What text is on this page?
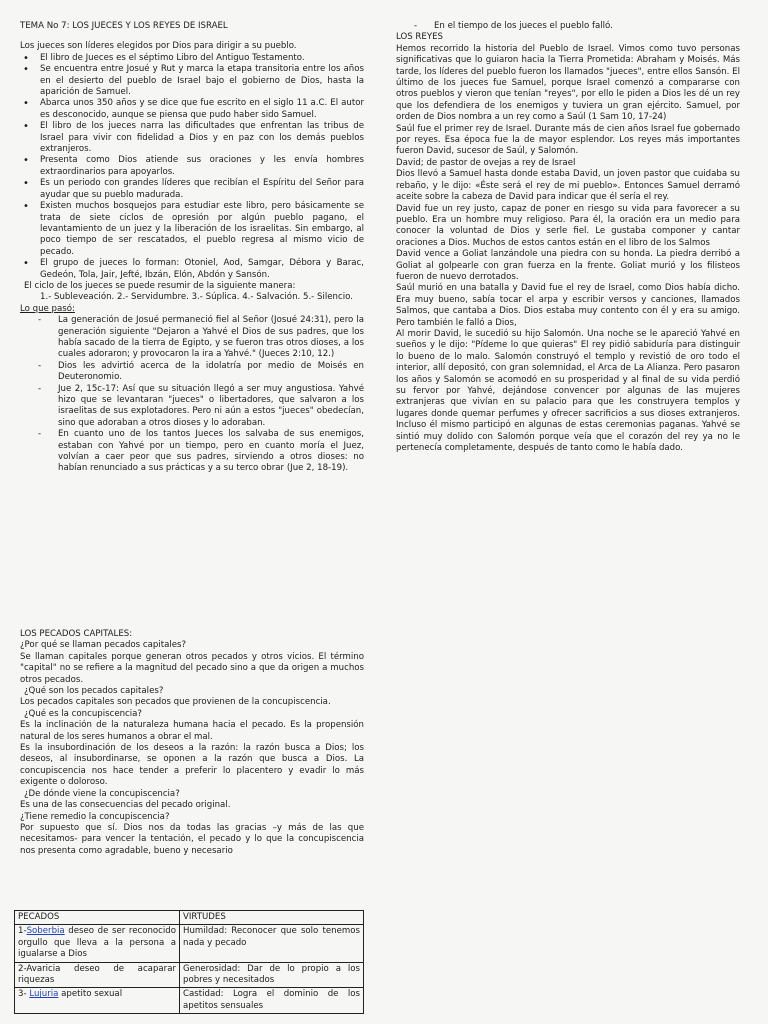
TEMA No 7: LOS JUECES Y LOS REYES DE ISRAEL

Los jueces son líderes elegidos por Dios para dirigir a su pueblo.

• El libro de Jueces es el séptimo Libro del Antiguo Testamento.
• Se encuentra entre Josué y Rut y marca la etapa transitoria entre los años en el desierto del pueblo de Israel bajo el gobierno de Dios, hasta la aparición de Samuel.
• Abarca unos 350 años y se dice que fue escrito en el siglo 11 a.C. El autor es desconocido, aunque se piensa que pudo haber sido Samuel.
• El libro de los jueces narra las dificultades que enfrentan las tribus de Israel para vivir con fidelidad a Dios y en paz con los demás pueblos extranjeros.
• Presenta como Dios atiende sus oraciones y les envía hombres extraordinarios para apoyarlos.
• Es un periodo con grandes líderes que recibían el Espíritu del Señor para ayudar que su pueblo madurada.
• Existen muchos bosquejos para estudiar este libro, pero básicamente se trata de siete ciclos de opresión por algún pueblo pagano, el levantamiento de un juez y la liberación de los israelitas. Sin embargo, al poco tiempo de ser rescatados, el pueblo regresa al mismo vicio de pecado.
• El grupo de jueces lo forman: Otoniel, Aod, Samgar, Débora y Barac, Gedeón, Tola, Jair, Jefté, Ibzán, Elón, Abdón y Sansón.

El ciclo de los jueces se puede resumir de la siguiente manera:

1.- Subleveación. 2.- Servidumbre. 3.- Súplica. 4.- Salvación. 5.- Silencio.

Lo que pasó:

- La generación de Josué permaneció fiel al Señor (Josué 24:31), pero la generación siguiente "Dejaron a Yahvé el Dios de sus padres, que los había sacado de la tierra de Egipto, y se fueron tras otros dioses, a los cuales adoraron; y provocaron la ira a Yahvé." (Jueces 2:10, 12.)
- Dios les advirtió acerca de la idolatría por medio de Moisés en Deuteronomio.
- Jue 2, 15c-17: Así que su situación llegó a ser muy angustiosa. Yahvé hizo que se levantaran "jueces" o libertadores, que salvaron a los israelitas de sus explotadores. Pero ni aún a estos "jueces" obedecían, sino que adoraban a otros dioses y lo adoraban.
- En cuanto uno de los tantos Jueces los salvaba de sus enemigos, estaban con Yahvé por un tiempo, pero en cuanto moría el Juez, volvían a caer peor que sus padres, sirviendo a otros dioses: no habían renunciado a sus prácticas y a su terco obrar (Jue 2, 18-19).
- En el tiempo de los jueces el pueblo falló.

LOS REYES

Hemos recorrido la historia del Pueblo de Israel. Vimos como tuvo personas significativas que lo guiaron hacia la Tierra Prometida: Abraham y Moisés. Más tarde, los líderes del pueblo fueron los llamados "jueces", entre ellos Sansón. El último de los jueces fue Samuel, porque Israel comenzó a compararse con otros pueblos y vieron que tenían "reyes", por ello le piden a Dios les dé un rey que los defendiera de los enemigos y tuviera un gran ejército. Samuel, por orden de Dios nombra a un rey como a Saúl (1 Sam 10, 17-24)

Saúl fue el primer rey de Israel. Durante más de cien años Israel fue gobernado por reyes. Esa época fue la de mayor esplendor. Los reyes más importantes fueron David, sucesor de Saúl, y Salomón.

David; de pastor de ovejas a rey de Israel

Dios llevó a Samuel hasta donde estaba David, un joven pastor que cuidaba su rebaño, y le dijo: «Éste será el rey de mi pueblo». Entonces Samuel derramó aceite sobre la cabeza de David para indicar que él sería el rey.

David fue un rey justo, capaz de poner en riesgo su vida para favorecer a su pueblo. Era un hombre muy religioso. Para él, la oración era un medio para conocer la voluntad de Dios y serle fiel. Le gustaba componer y cantar oraciones a Dios. Muchos de estos cantos están en el libro de los Salmos

David vence a Goliat lanzándole una piedra con su honda. La piedra derribó a Goliat al golpearle con gran fuerza en la frente. Goliat murió y los filisteos fueron de nuevo derrotados.

Saúl murió en una batalla y David fue el rey de Israel, como Dios había dicho. Era muy bueno, sabía tocar el arpa y escribir versos y canciones, llamados Salmos, que cantaba a Dios. Dios estaba muy contento con él y era su amigo. Pero también le falló a Dios,

Al morir David, le sucedió su hijo Salomón. Una noche se le apareció Yahvé en sueños y le dijo: "Pídeme lo que quieras" El rey pidió sabiduría para distinguir lo bueno de lo malo. Salomón construyó el templo y revistió de oro todo el interior, allí depositó, con gran solemnidad, el Arca de La Alianza. Pero pasaron los años y Salomón se acomodó en su prosperidad y al final de su vida perdió su fervor por Yahvé, dejándose convencer por algunas de las mujeres extranjeras que vivían en su palacio para que les construyera templos y lugares donde quemar perfumes y ofrecer sacrificios a sus dioses extranjeros. Incluso él mismo participó en algunas de estas ceremonias paganas. Yahvé se sintió muy dolido con Salomón porque veía que el corazón del rey ya no le pertenecía completamente, después de tanto como le había dado.

LOS PECADOS CAPITALES:

¿Por qué se llaman pecados capitales?

Se llaman capitales porque generan otros pecados y otros vicios. El término "capital" no se refiere a la magnitud del pecado sino a que da origen a muchos otros pecados.

¿Qué son los pecados capitales?

Los pecados capitales son pecados que provienen de la concupiscencia.

¿Qué es la concupiscencia?

Es la inclinación de la naturaleza humana hacia el pecado. Es la propensión natural de los seres humanos a obrar el mal.

Es la insubordinación de los deseos a la razón: la razón busca a Dios; los deseos, al insubordinarse, se oponen a la razón que busca a Dios. La concupiscencia nos hace tender a preferir lo placentero y evadir lo más exigente o doloroso.

¿De dónde viene la concupiscencia?

Es una de las consecuencias del pecado original.

¿Tiene remedio la concupiscencia?

Por supuesto que sí. Dios nos da todas las gracias –y más de las que necesitamos- para vencer la tentación, el pecado y lo que la concupiscencia nos presenta como agradable, bueno y necesario

PECADOS	VIRTUDES
1-Soberbia deseo de ser reconocido orgullo que lleva a la persona a igualarse a Dios	Humildad: Reconocer que solo tenemos nada y pecado
2-Avaricia deseo de acaparar riquezas	Generosidad: Dar de lo propio a los pobres y necesitados
3- Lujuria apetito sexual	Castidad: Logra el dominio de los apetitos sensuales
